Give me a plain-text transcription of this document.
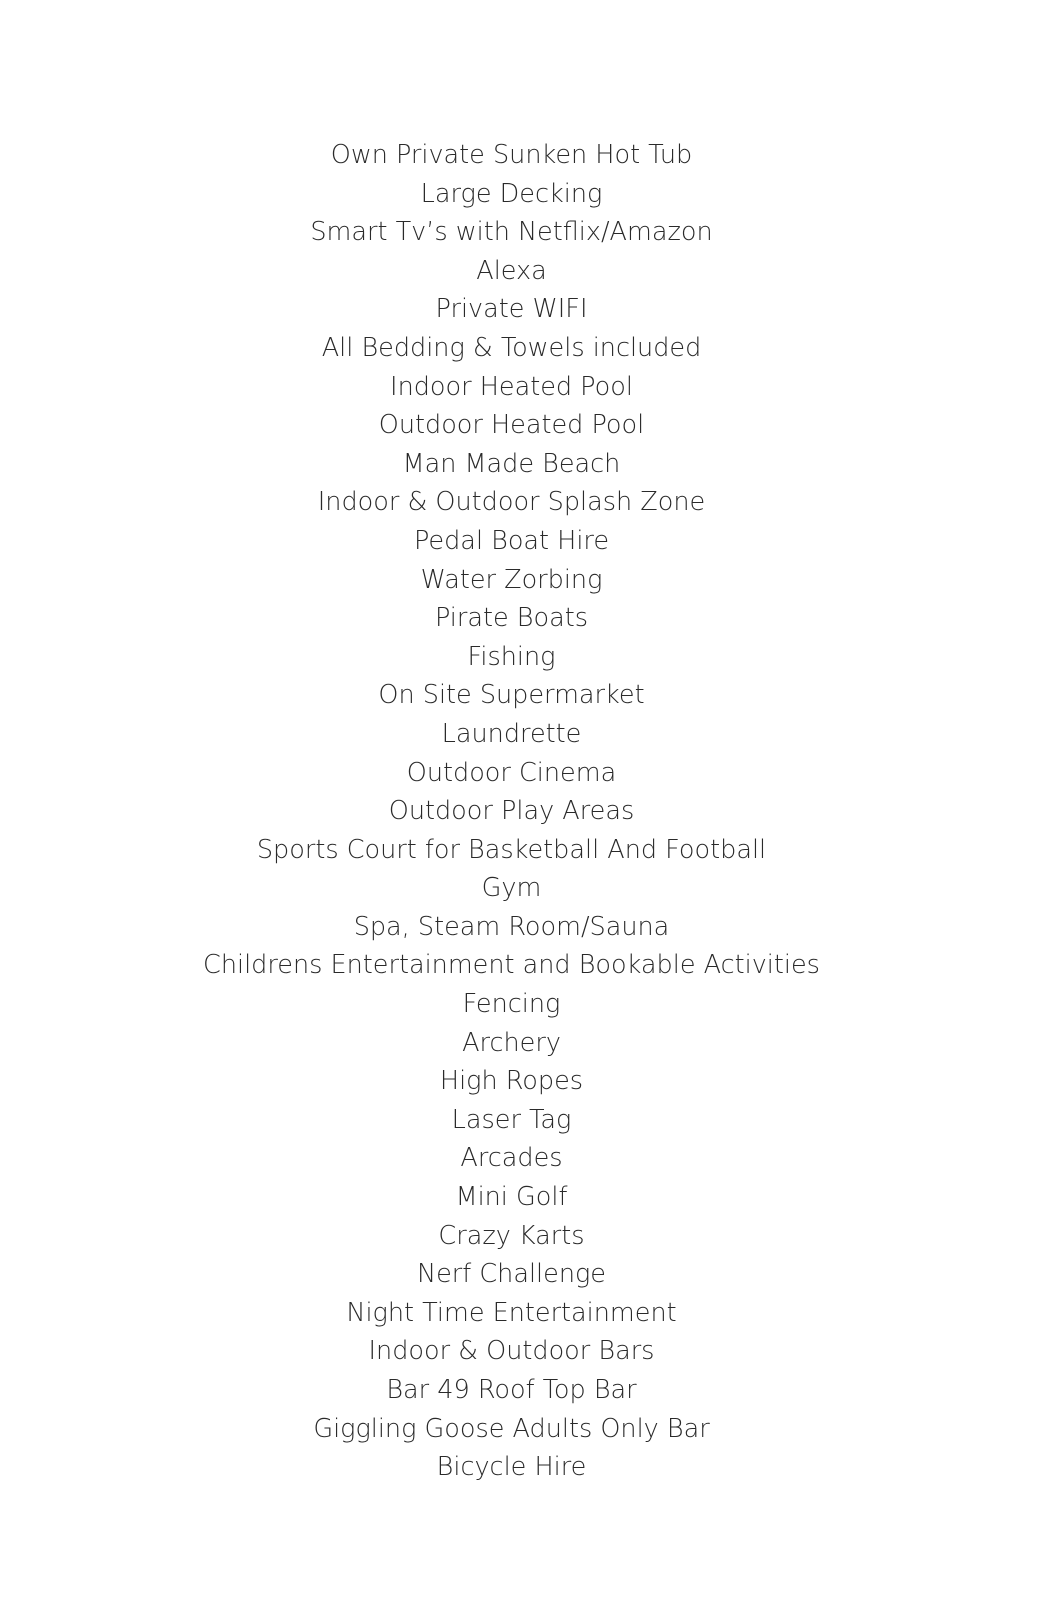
Own Private Sunken Hot Tub
Large Decking
Smart Tv’s with Netflix/Amazon
Alexa
Private WIFI
All Bedding & Towels included
Indoor Heated Pool
Outdoor Heated Pool
Man Made Beach
Indoor & Outdoor Splash Zone
Pedal Boat Hire
Water Zorbing
Pirate Boats
Fishing
On Site Supermarket
Laundrette
Outdoor Cinema
Outdoor Play Areas
Sports Court for Basketball And Football
Gym
Spa, Steam Room/Sauna
Childrens Entertainment and Bookable Activities
Fencing
Archery
High Ropes
Laser Tag
Arcades
Mini Golf
Crazy Karts
Nerf Challenge
Night Time Entertainment
Indoor & Outdoor Bars
Bar 49 Roof Top Bar
Giggling Goose Adults Only Bar
Bicycle Hire
